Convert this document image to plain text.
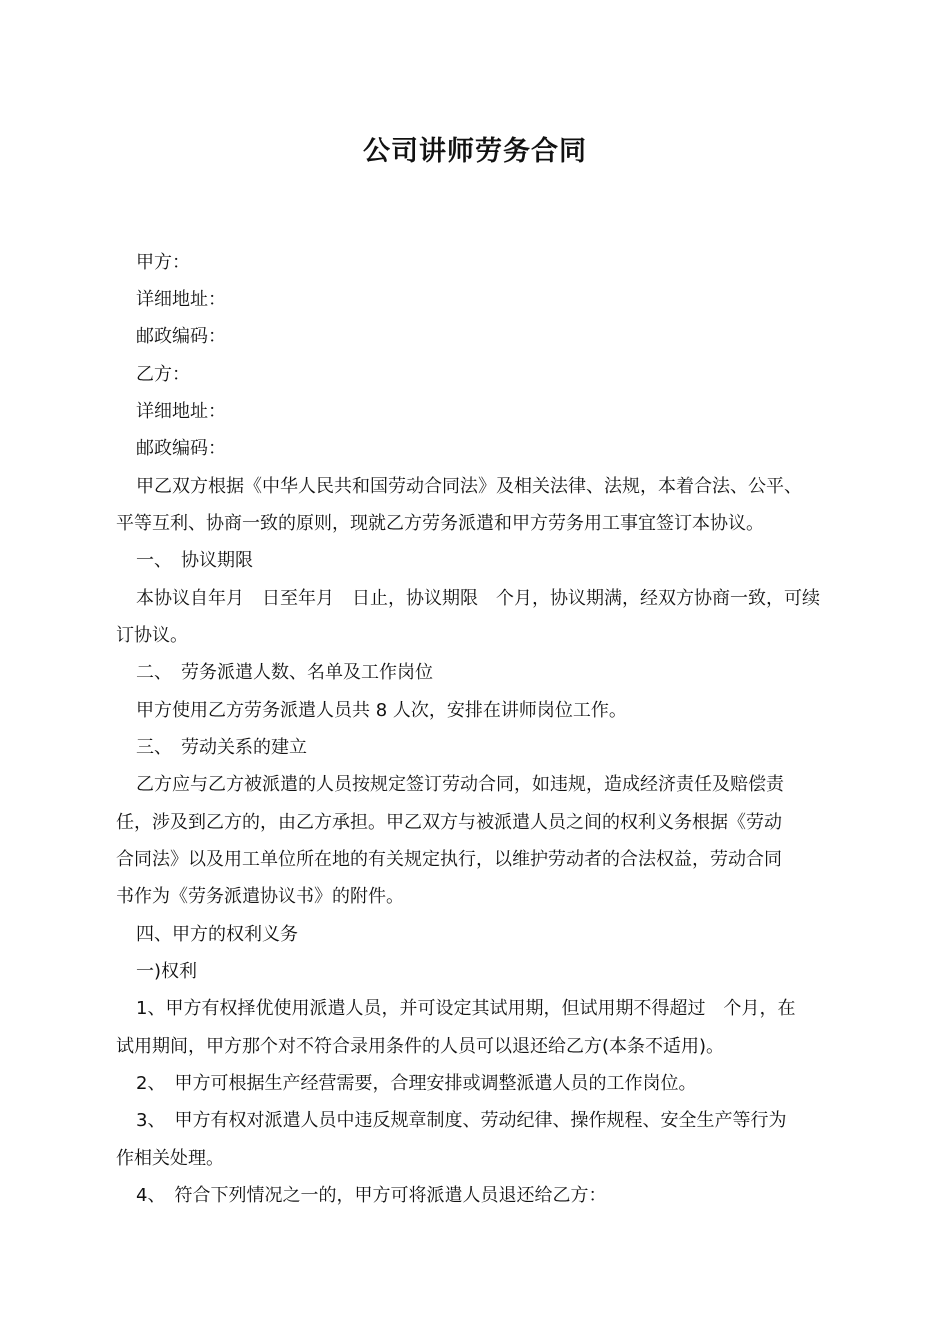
公司讲师劳务合同
甲方：
详细地址：
邮政编码：
乙方：
详细地址：
邮政编码：
甲乙双方根据《中华人民共和国劳动合同法》及相关法律、法规，本着合法、公平、
平等互利、协商一致的原则，现就乙方劳务派遣和甲方劳务用工事宜签订本协议。
一、　协议期限
本协议自年月　日至年月　日止，协议期限　个月，协议期满，经双方协商一致，可续
订协议。
二、　劳务派遣人数、名单及工作岗位
甲方使用乙方劳务派遣人员共 8 人次，安排在讲师岗位工作。
三、　劳动关系的建立
乙方应与乙方被派遣的人员按规定签订劳动合同，如违规，造成经济责任及赔偿责
任，涉及到乙方的，由乙方承担。甲乙双方与被派遣人员之间的权利义务根据《劳动
合同法》以及用工单位所在地的有关规定执行，以维护劳动者的合法权益，劳动合同
书作为《劳务派遣协议书》的附件。
四、甲方的权利义务
一)权利
1、甲方有权择优使用派遣人员，并可设定其试用期，但试用期不得超过　个月，在
试用期间，甲方那个对不符合录用条件的人员可以退还给乙方(本条不适用)。
2、　甲方可根据生产经营需要，合理安排或调整派遣人员的工作岗位。
3、　甲方有权对派遣人员中违反规章制度、劳动纪律、操作规程、安全生产等行为
作相关处理。
4、　符合下列情况之一的，甲方可将派遣人员退还给乙方：
